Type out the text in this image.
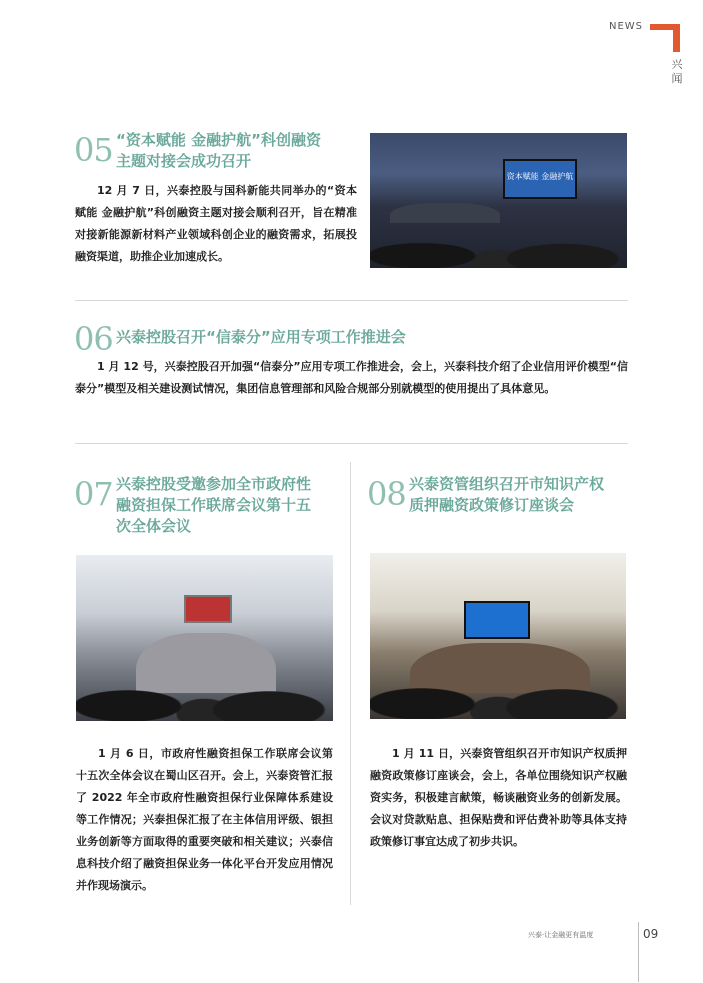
NEWS
兴闻
05 “资本赋能 金融护航”科创融资
主题对接会成功召开
12 月 7 日，兴泰控股与国科新能共同举办的“资本赋能 金融护航”科创融资主题对接会顺利召开，旨在精准对接新能源新材料产业领域科创企业的融资需求，拓展投融资渠道，助推企业加速成长。
资本赋能 金融护航
06 兴泰控股召开“信泰分”应用专项工作推进会
1 月 12 号，兴泰控股召开加强“信泰分”应用专项工作推进会，会上，兴泰科技介绍了企业信用评价模型“信泰分”模型及相关建设测试情况，集团信息管理部和风险合规部分别就模型的使用提出了具体意见。
07 兴泰控股受邀参加全市政府性
融资担保工作联席会议第十五
次全体会议
1 月 6 日，市政府性融资担保工作联席会议第十五次全体会议在蜀山区召开。会上，兴泰资管汇报了 2022 年全市政府性融资担保行业保障体系建设等工作情况；兴泰担保汇报了在主体信用评级、银担业务创新等方面取得的重要突破和相关建议；兴泰信息科技介绍了融资担保业务一体化平台开发应用情况并作现场演示。
08 兴泰资管组织召开市知识产权
质押融资政策修订座谈会
1 月 11 日，兴泰资管组织召开市知识产权质押融资政策修订座谈会，会上，各单位围绕知识产权融资实务，积极建言献策，畅谈融资业务的创新发展。会议对贷款贴息、担保贴费和评估费补助等具体支持政策修订事宜达成了初步共识。
兴泰·让金融更有温度	09
